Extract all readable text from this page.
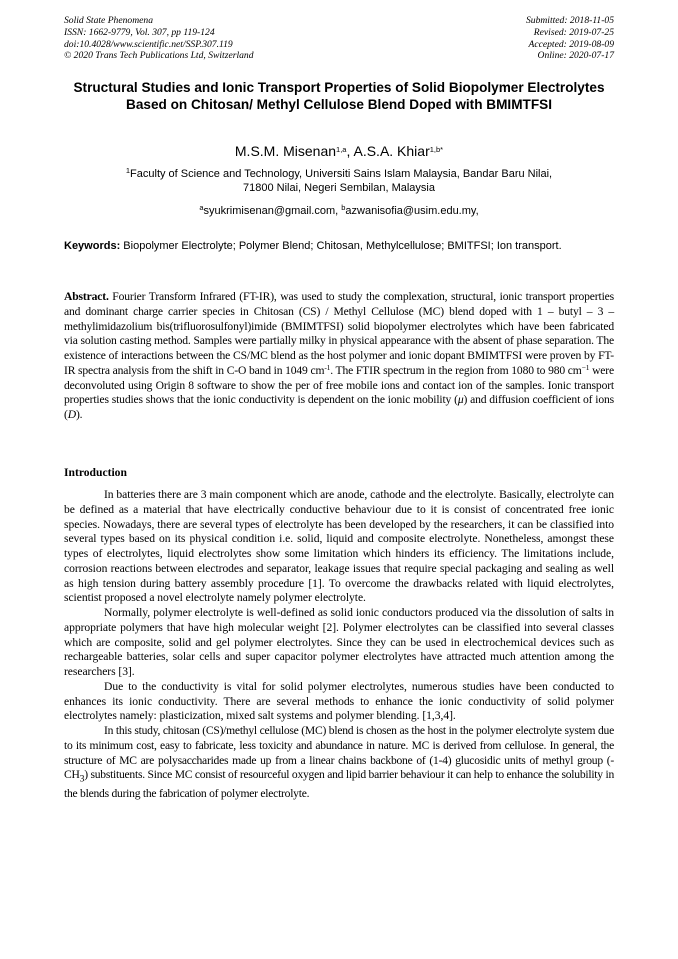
Solid State Phenomena
ISSN: 1662-9779, Vol. 307, pp 119-124
doi:10.4028/www.scientific.net/SSP.307.119
© 2020 Trans Tech Publications Ltd, Switzerland
Submitted: 2018-11-05
Revised: 2019-07-25
Accepted: 2019-08-09
Online: 2020-07-17
Structural Studies and Ionic Transport Properties of Solid Biopolymer Electrolytes Based on Chitosan/ Methyl Cellulose Blend Doped with BMIMTFSI
M.S.M. Misenan$^{1,a}$, A.S.A. Khiar$^{1,b*}$
$^1$Faculty of Science and Technology, Universiti Sains Islam Malaysia, Bandar Baru Nilai,
71800 Nilai, Negeri Sembilan, Malaysia
$^a$syukrimisenan@gmail.com, $^b$azwanisofia@usim.edu.my,
Keywords: Biopolymer Electrolyte; Polymer Blend; Chitosan, Methylcellulose; BMITFSI; Ion transport.
Abstract. Fourier Transform Infrared (FT-IR), was used to study the complexation, structural, ionic transport properties and dominant charge carrier species in Chitosan (CS) / Methyl Cellulose (MC) blend doped with 1 – butyl – 3 – methylimidazolium bis(trifluorosulfonyl)imide (BMIMTFSI) solid biopolymer electrolytes which have been fabricated via solution casting method. Samples were partially milky in physical appearance with the absent of phase separation. The existence of interactions between the CS/MC blend as the host polymer and ionic dopant BMIMTFSI were proven by FT-IR spectra analysis from the shift in C-O band in 1049 $cm^{-1}$. The FTIR spectrum in the region from 1080 to 980 $cm^{-1}$ were deconvoluted using Origin 8 software to show the per of free mobile ions and contact ion of the samples. Ionic transport properties studies shows that the ionic conductivity is dependent on the ionic mobility (μ) and diffusion coefficient of ions (D).
Introduction

In batteries there are 3 main component which are anode, cathode and the electrolyte. Basically, electrolyte can be defined as a material that have electrically conductive behaviour due to it is consist of concentrated free ionic species. Nowadays, there are several types of electrolyte has been developed by the researchers, it can be classified into several types based on its physical condition i.e. solid, liquid and composite electrolyte. Nonetheless, amongst these types of electrolytes, liquid electrolytes show some limitation which hinders its efficiency. The limitations include, corrosion reactions between electrodes and separator, leakage issues that require special packaging and sealing as well as high tension during battery assembly procedure [1]. To overcome the drawbacks related with liquid electrolytes, scientist proposed a novel electrolyte namely polymer electrolyte.

Normally, polymer electrolyte is well-defined as solid ionic conductors produced via the dissolution of salts in appropriate polymers that have high molecular weight [2]. Polymer electrolytes can be classified into several classes which are composite, solid and gel polymer electrolytes. Since they can be used in electrochemical devices such as rechargeable batteries, solar cells and super capacitor polymer electrolytes have attracted much attention among the researchers [3].

Due to the conductivity is vital for solid polymer electrolytes, numerous studies have been conducted to enhances its ionic conductivity. There are several methods to enhance the ionic conductivity of solid polymer electrolytes namely: plasticization, mixed salt systems and polymer blending. [1,3,4].

In this study, chitosan (CS)/methyl cellulose (MC) blend is chosen as the host in the polymer electrolyte system due to its minimum cost, easy to fabricate, less toxicity and abundance in nature. MC is derived from cellulose. In general, the structure of MC are polysaccharides made up from a linear chains backbone of (1-4) glucosidic units of methyl group $(-CH_3)$ substituents. Since MC consist of resourceful oxygen and lipid barrier behaviour it can help to enhance the solubility in the blends during the fabrication of polymer electrolyte.
